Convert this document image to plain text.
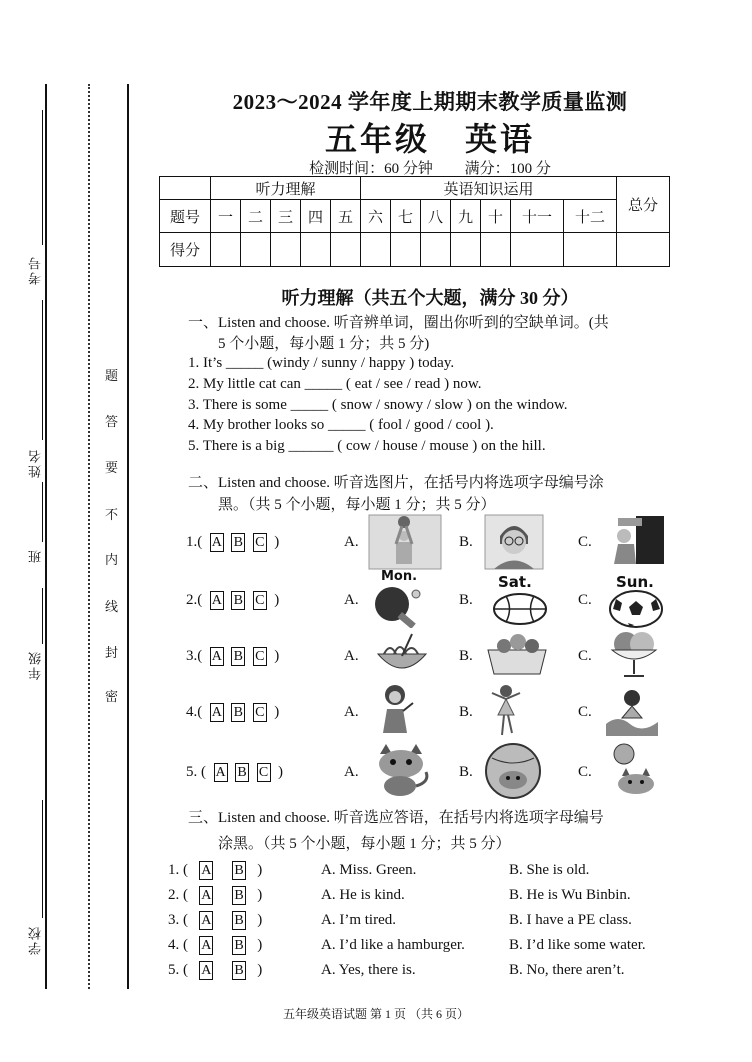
考号
姓名
班
年级
学校
密
封
线
内
不
要
答
题
2023～2024 学年度上期期末教学质量监测
五年级　英语
检测时间：60 分钟 满分：100 分
	听力理解					英语知识运用							总分
题号	一	二	三	四	五	六	七	八	九	十	十一	十二	
得分													
听力理解（共五个大题，满分 30 分）
一、Listen and choose. 听音辨单词，圈出你听到的空缺单词。(共
5 个小题，每小题 1 分；共 5 分)
1. It’s _____ (windy / sunny / happy ) today.
2. My little cat can _____ ( eat / see / read ) now.
3. There is some _____ ( snow / snowy / slow ) on the window.
4. My brother looks so _____ ( fool / good / cool ).
5. There is a big ______ ( cow / house / mouse ) on the hill.
二、Listen and choose. 听音选图片，在括号内将选项字母编号涂
黑。（共 5 个小题，每小题 1 分；共 5 分）
1.( A B C )	A.	B.	C.
2.( A B C )	A.	B.	C.
Mon.	Sat.	Sun.
3.( A B C )	A.	B.	C.
4.( A B C )	A.	B.	C.
5. ( A B C )	A.	B.	C.
三、Listen and choose. 听音选应答语，在括号内将选项字母编号
涂黑。（共 5 个小题，每小题 1 分；共 5 分）
1. ( A B )	A. Miss. Green.	B. She is old.
2. ( A B )	A. He is kind.	B. He is Wu Binbin.
3. ( A B )	A. I’m tired.	B. I have a PE class.
4. ( A B )	A. I’d like a hamburger.	B. I’d like some water.
5. ( A B )	A. Yes, there is.	B. No, there aren’t.
五年级英语试题 第 1 页 （共 6 页）
